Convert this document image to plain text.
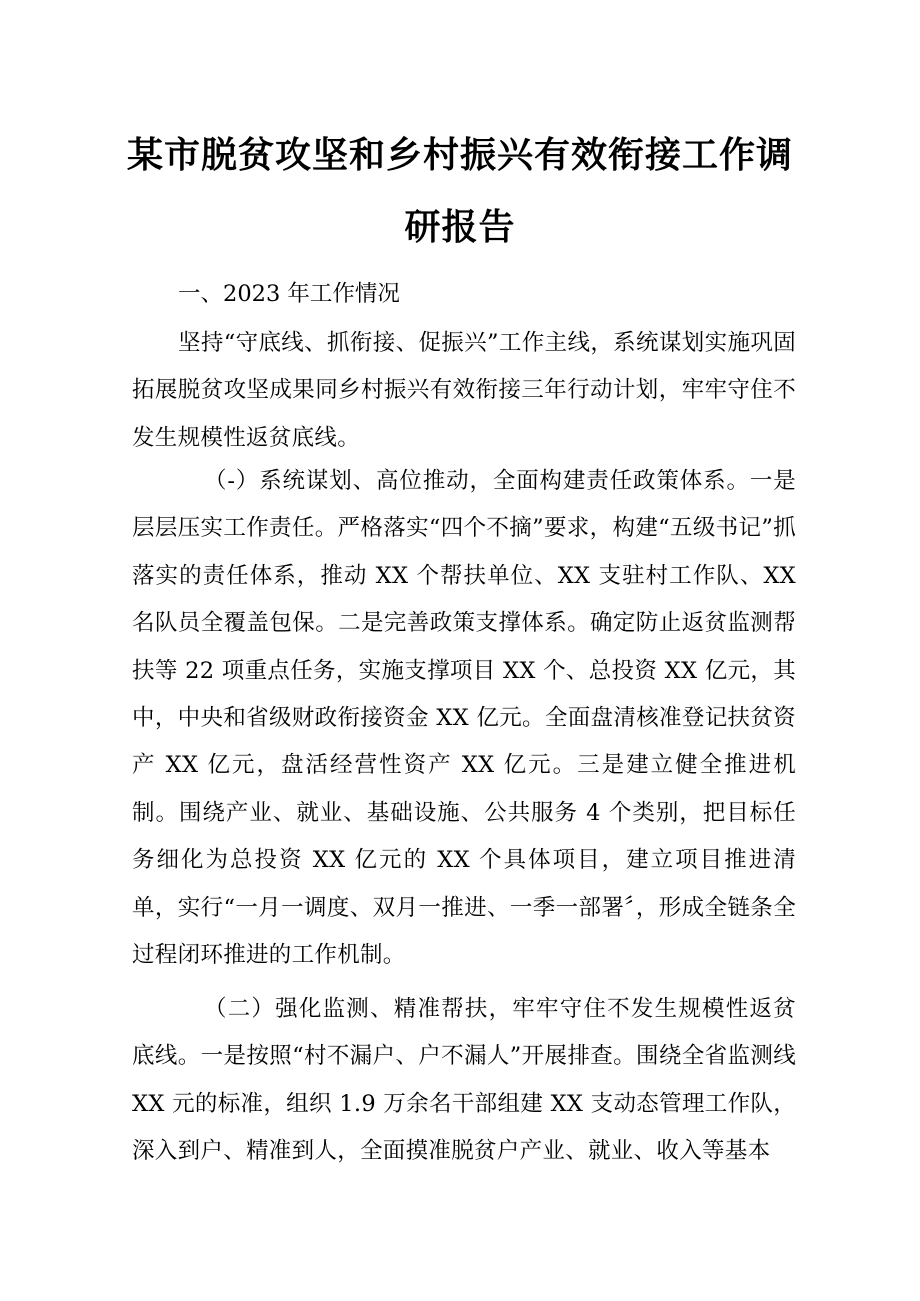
某市脱贫攻坚和乡村振兴有效衔接工作调
研报告

一、2023 年工作情况

坚持“守底线、抓衔接、促振兴”工作主线，系统谋划实施巩固拓展脱贫攻坚成果同乡村振兴有效衔接三年行动计划，牢牢守住不发生规模性返贫底线。

（-）系统谋划、高位推动，全面构建责任政策体系。一是层层压实工作责任。严格落实“四个不摘”要求，构建“五级书记”抓落实的责任体系，推动 XX 个帮扶单位、XX 支驻村工作队、XX 名队员全覆盖包保。二是完善政策支撑体系。确定防止返贫监测帮扶等 22 项重点任务，实施支撑项目 XX 个、总投资 XX 亿元，其中，中央和省级财政衔接资金 XX 亿元。全面盘清核准登记扶贫资产 XX 亿元，盘活经营性资产 XX 亿元。三是建立健全推进机制。围绕产业、就业、基础设施、公共服务 4 个类别，把目标任务细化为总投资 XX 亿元的 XX 个具体项目，建立项目推进清单，实行“一月一调度、双月一推进、一季一部署〞，形成全链条全过程闭环推进的工作机制。

（二）强化监测、精准帮扶，牢牢守住不发生规模性返贫底线。一是按照“村不漏户、户不漏人”开展排查。围绕全省监测线 XX 元的标准，组织 1.9 万余名干部组建 XX 支动态管理工作队，深入到户、精准到人，全面摸准脱贫户产业、就业、收入等基本
